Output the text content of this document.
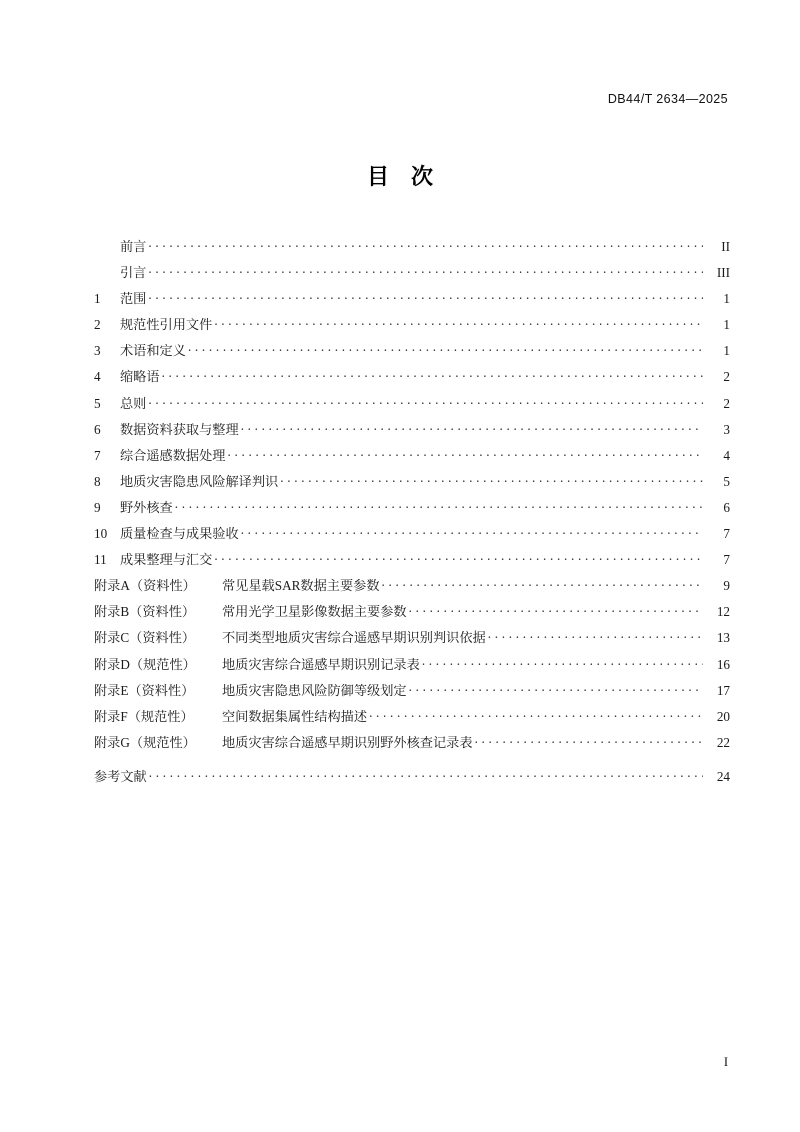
DB44/T 2634—2025
目次
前言 . . .	II
引言 . . .	III
1	范围 . . .	1
2	规范性引用文件 . . .	1
3	术语和定义 . . .	1
4	缩略语 . . .	2
5	总则 . . .	2
6	数据资料获取与整理 . . .	3
7	综合遥感数据处理 . . .	4
8	地质灾害隐患风险解译判识 . . .	5
9	野外核查 . . .	6
10 质量检查与成果验收 . . .	7
11	成果整理与汇交 . . .	7
附录A（资料性）	常见星载SAR数据主要参数 . . .	9
附录B（资料性）	常用光学卫星影像数据主要参数 . . .	12
附录C（资料性）	不同类型地质灾害综合遥感早期识别判识依据 . . .	13
附录D（规范性）	地质灾害综合遥感早期识别记录表 . . .	16
附录E（资料性）	地质灾害隐患风险防御等级划定 . . .	17
附录F（规范性）	空间数据集属性结构描述 . . .	20
附录G（规范性）	地质灾害综合遥感早期识别野外核查记录表 . . .	22
参考文献 . . .	24
I
